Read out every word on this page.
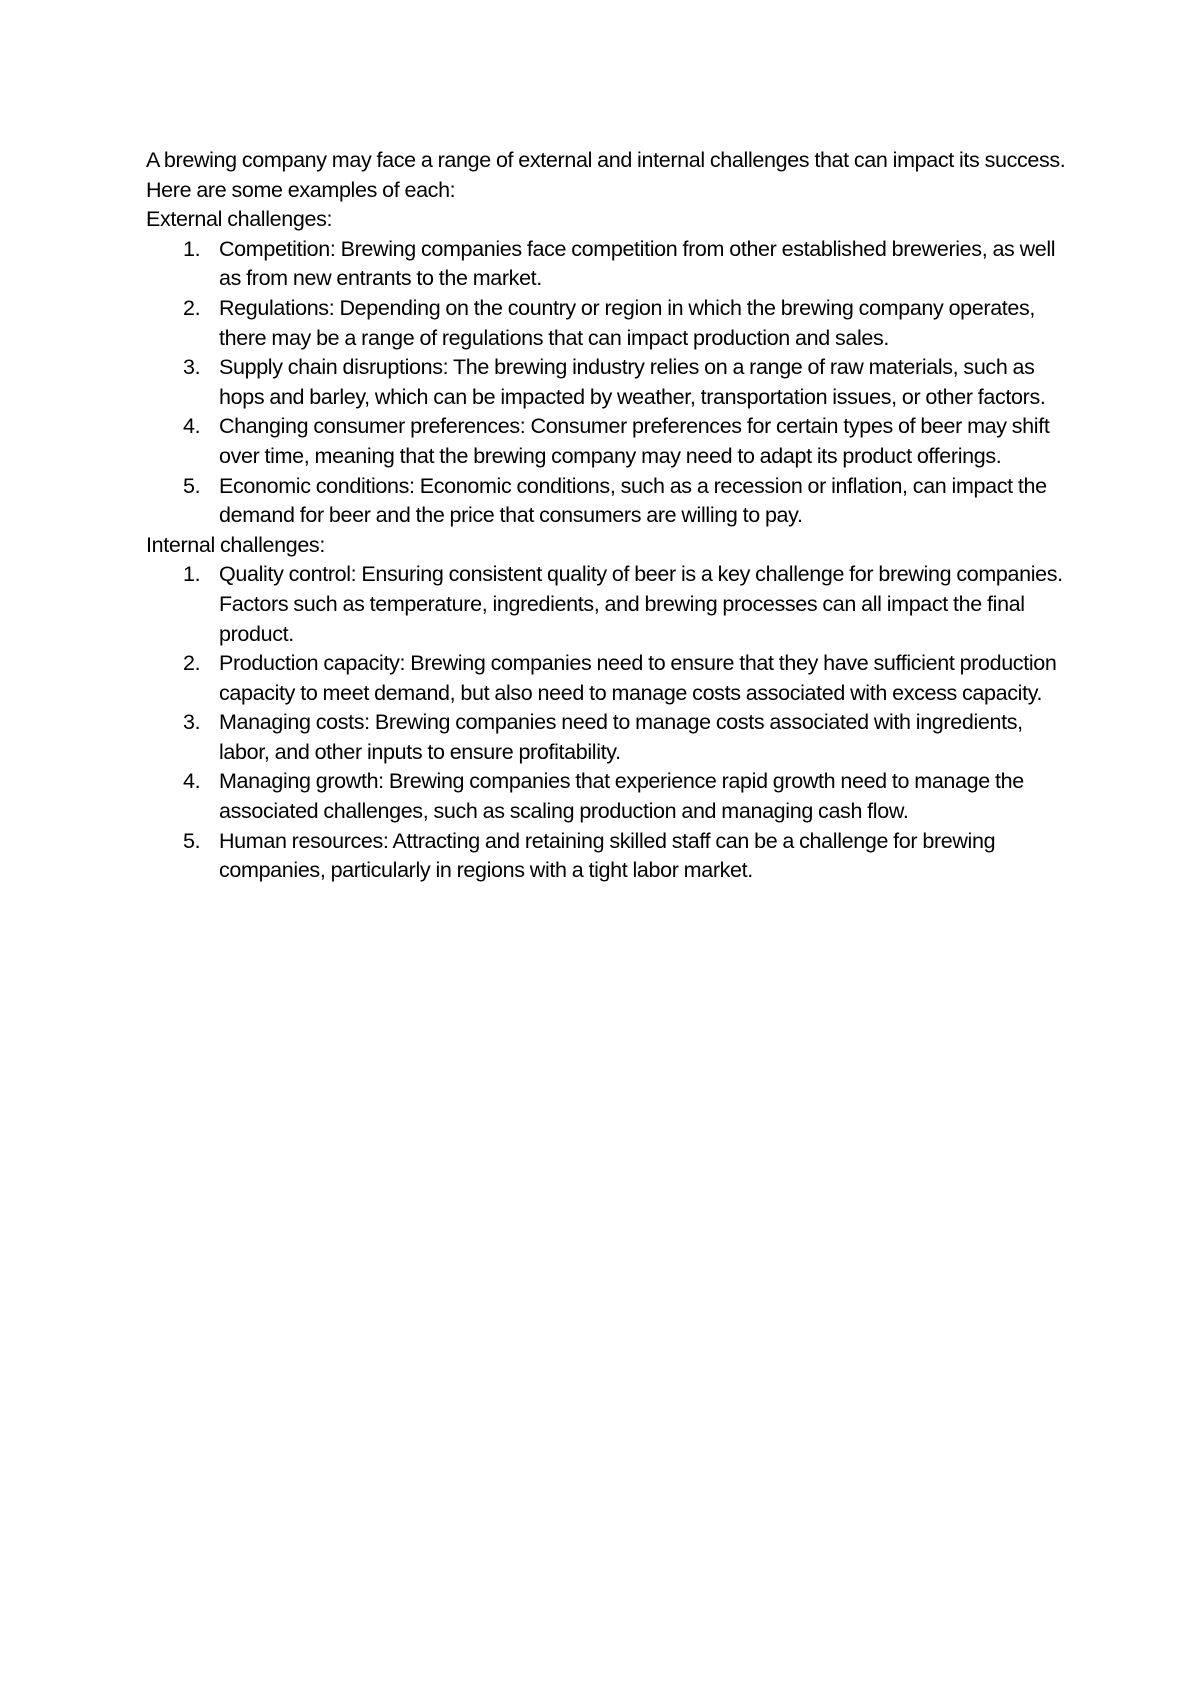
A brewing company may face a range of external and internal challenges that can impact its success. Here are some examples of each:

External challenges:

1. Competition: Brewing companies face competition from other established breweries, as well as from new entrants to the market.
2. Regulations: Depending on the country or region in which the brewing company operates, there may be a range of regulations that can impact production and sales.
3. Supply chain disruptions: The brewing industry relies on a range of raw materials, such as hops and barley, which can be impacted by weather, transportation issues, or other factors.
4. Changing consumer preferences: Consumer preferences for certain types of beer may shift over time, meaning that the brewing company may need to adapt its product offerings.
5. Economic conditions: Economic conditions, such as a recession or inflation, can impact the demand for beer and the price that consumers are willing to pay.

Internal challenges:

1. Quality control: Ensuring consistent quality of beer is a key challenge for brewing companies. Factors such as temperature, ingredients, and brewing processes can all impact the final product.
2. Production capacity: Brewing companies need to ensure that they have sufficient production capacity to meet demand, but also need to manage costs associated with excess capacity.
3. Managing costs: Brewing companies need to manage costs associated with ingredients, labor, and other inputs to ensure profitability.
4. Managing growth: Brewing companies that experience rapid growth need to manage the associated challenges, such as scaling production and managing cash flow.
5. Human resources: Attracting and retaining skilled staff can be a challenge for brewing companies, particularly in regions with a tight labor market.
